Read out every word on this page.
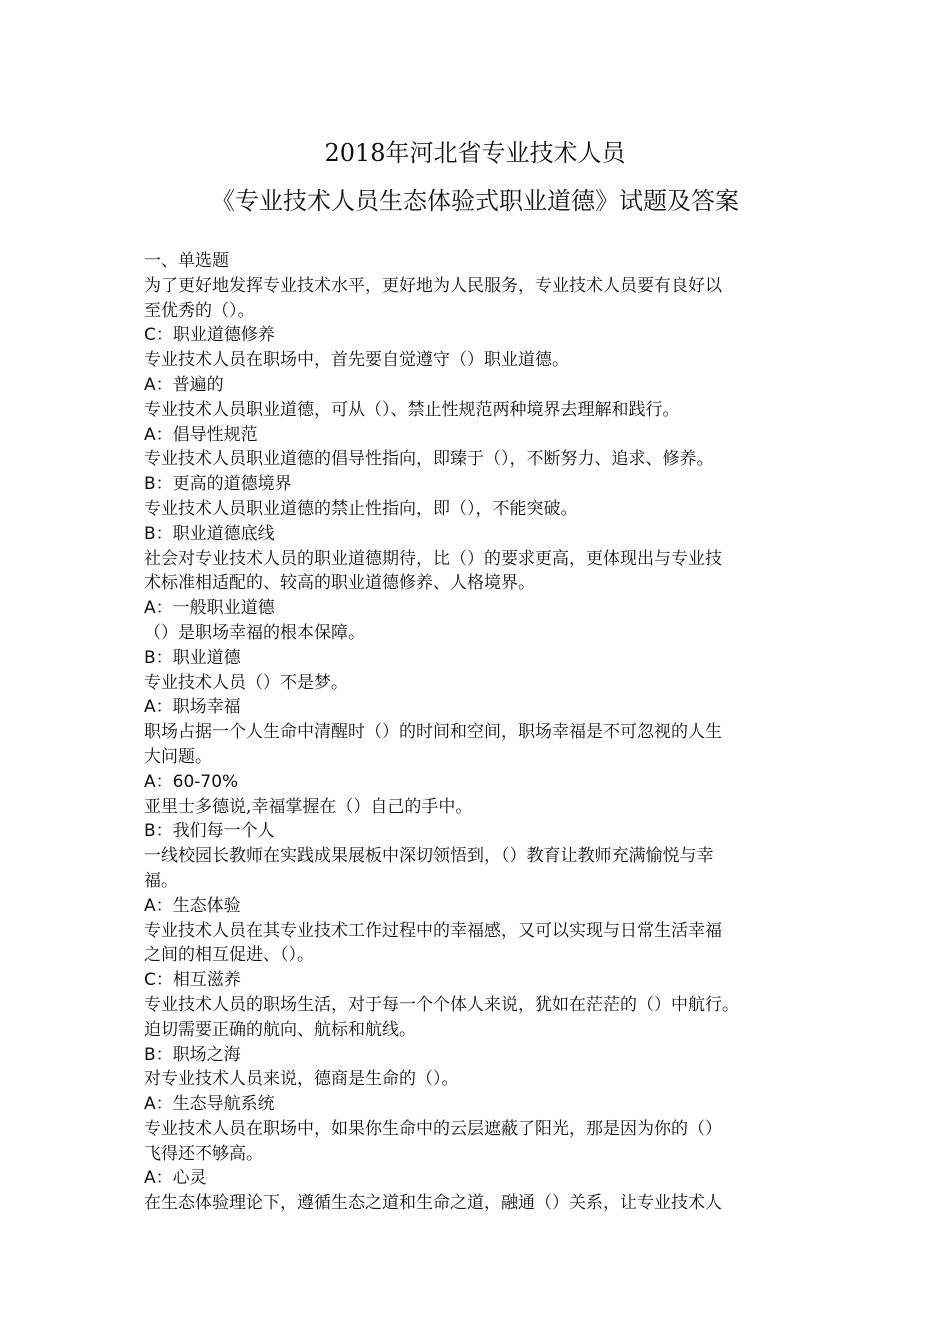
2018年河北省专业技术人员
《专业技术人员生态体验式职业道德》试题及答案
一、单选题
为了更好地发挥专业技术水平，更好地为人民服务，专业技术人员要有良好以
至优秀的（）。
C：职业道德修养
专业技术人员在职场中，首先要自觉遵守（）职业道德。
A：普遍的
专业技术人员职业道德，可从（）、禁止性规范两种境界去理解和践行。
A：倡导性规范
专业技术人员职业道德的倡导性指向，即臻于（），不断努力、追求、修养。
B：更高的道德境界
专业技术人员职业道德的禁止性指向，即（），不能突破。
B：职业道德底线
社会对专业技术人员的职业道德期待，比（）的要求更高，更体现出与专业技
术标准相适配的、较高的职业道德修养、人格境界。
A：一般职业道德
（）是职场幸福的根本保障。
B：职业道德
专业技术人员（）不是梦。
A：职场幸福
职场占据一个人生命中清醒时（）的时间和空间，职场幸福是不可忽视的人生
大问题。
A：60-70%
亚里士多德说,幸福掌握在（）自己的手中。
B：我们每一个人
一线校园长教师在实践成果展板中深切领悟到，（）教育让教师充满愉悦与幸
福。
A：生态体验
专业技术人员在其专业技术工作过程中的幸福感，又可以实现与日常生活幸福
之间的相互促进、（）。
C：相互滋养
专业技术人员的职场生活，对于每一个个体人来说，犹如在茫茫的（）中航行。
迫切需要正确的航向、航标和航线。
B：职场之海
对专业技术人员来说，德商是生命的（）。
A：生态导航系统
专业技术人员在职场中，如果你生命中的云层遮蔽了阳光，那是因为你的（）
飞得还不够高。
A：心灵
在生态体验理论下，遵循生态之道和生命之道，融通（）关系，让专业技术人
